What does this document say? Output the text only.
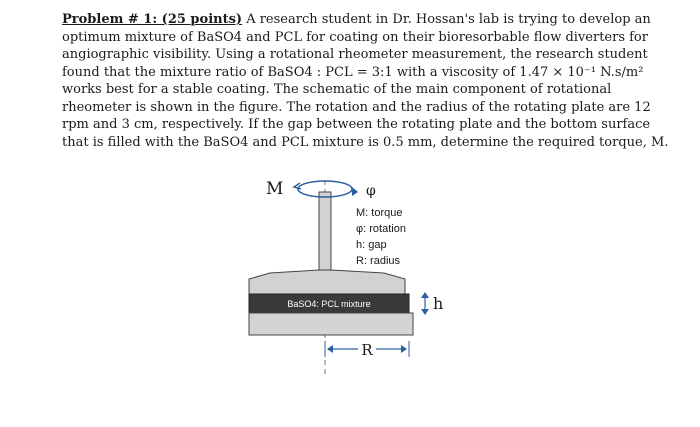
Problem # 1: (25 points) A research student in Dr. Hossan's lab is trying to develop an
optimum mixture of BaSO4 and PCL for coating on their bioresorbable flow diverters for
angiographic visibility. Using a rotational rheometer measurement, the research student
found that the mixture ratio of BaSO4 : PCL = 3:1 with a viscosity of 1.47 × 10⁻¹ N.s/m²
works best for a stable coating. The schematic of the main component of rotational
rheometer is shown in the figure. The rotation and the radius of the rotating plate are 12
rpm and 3 cm, respectively. If the gap between the rotating plate and the bottom surface
that is filled with the BaSO4 and PCL mixture is 0.5 mm, determine the required torque, M.
BaSO4: PCL mixture
M	φ
M: torque
φ: rotation
h: gap
R: radius
h
R
